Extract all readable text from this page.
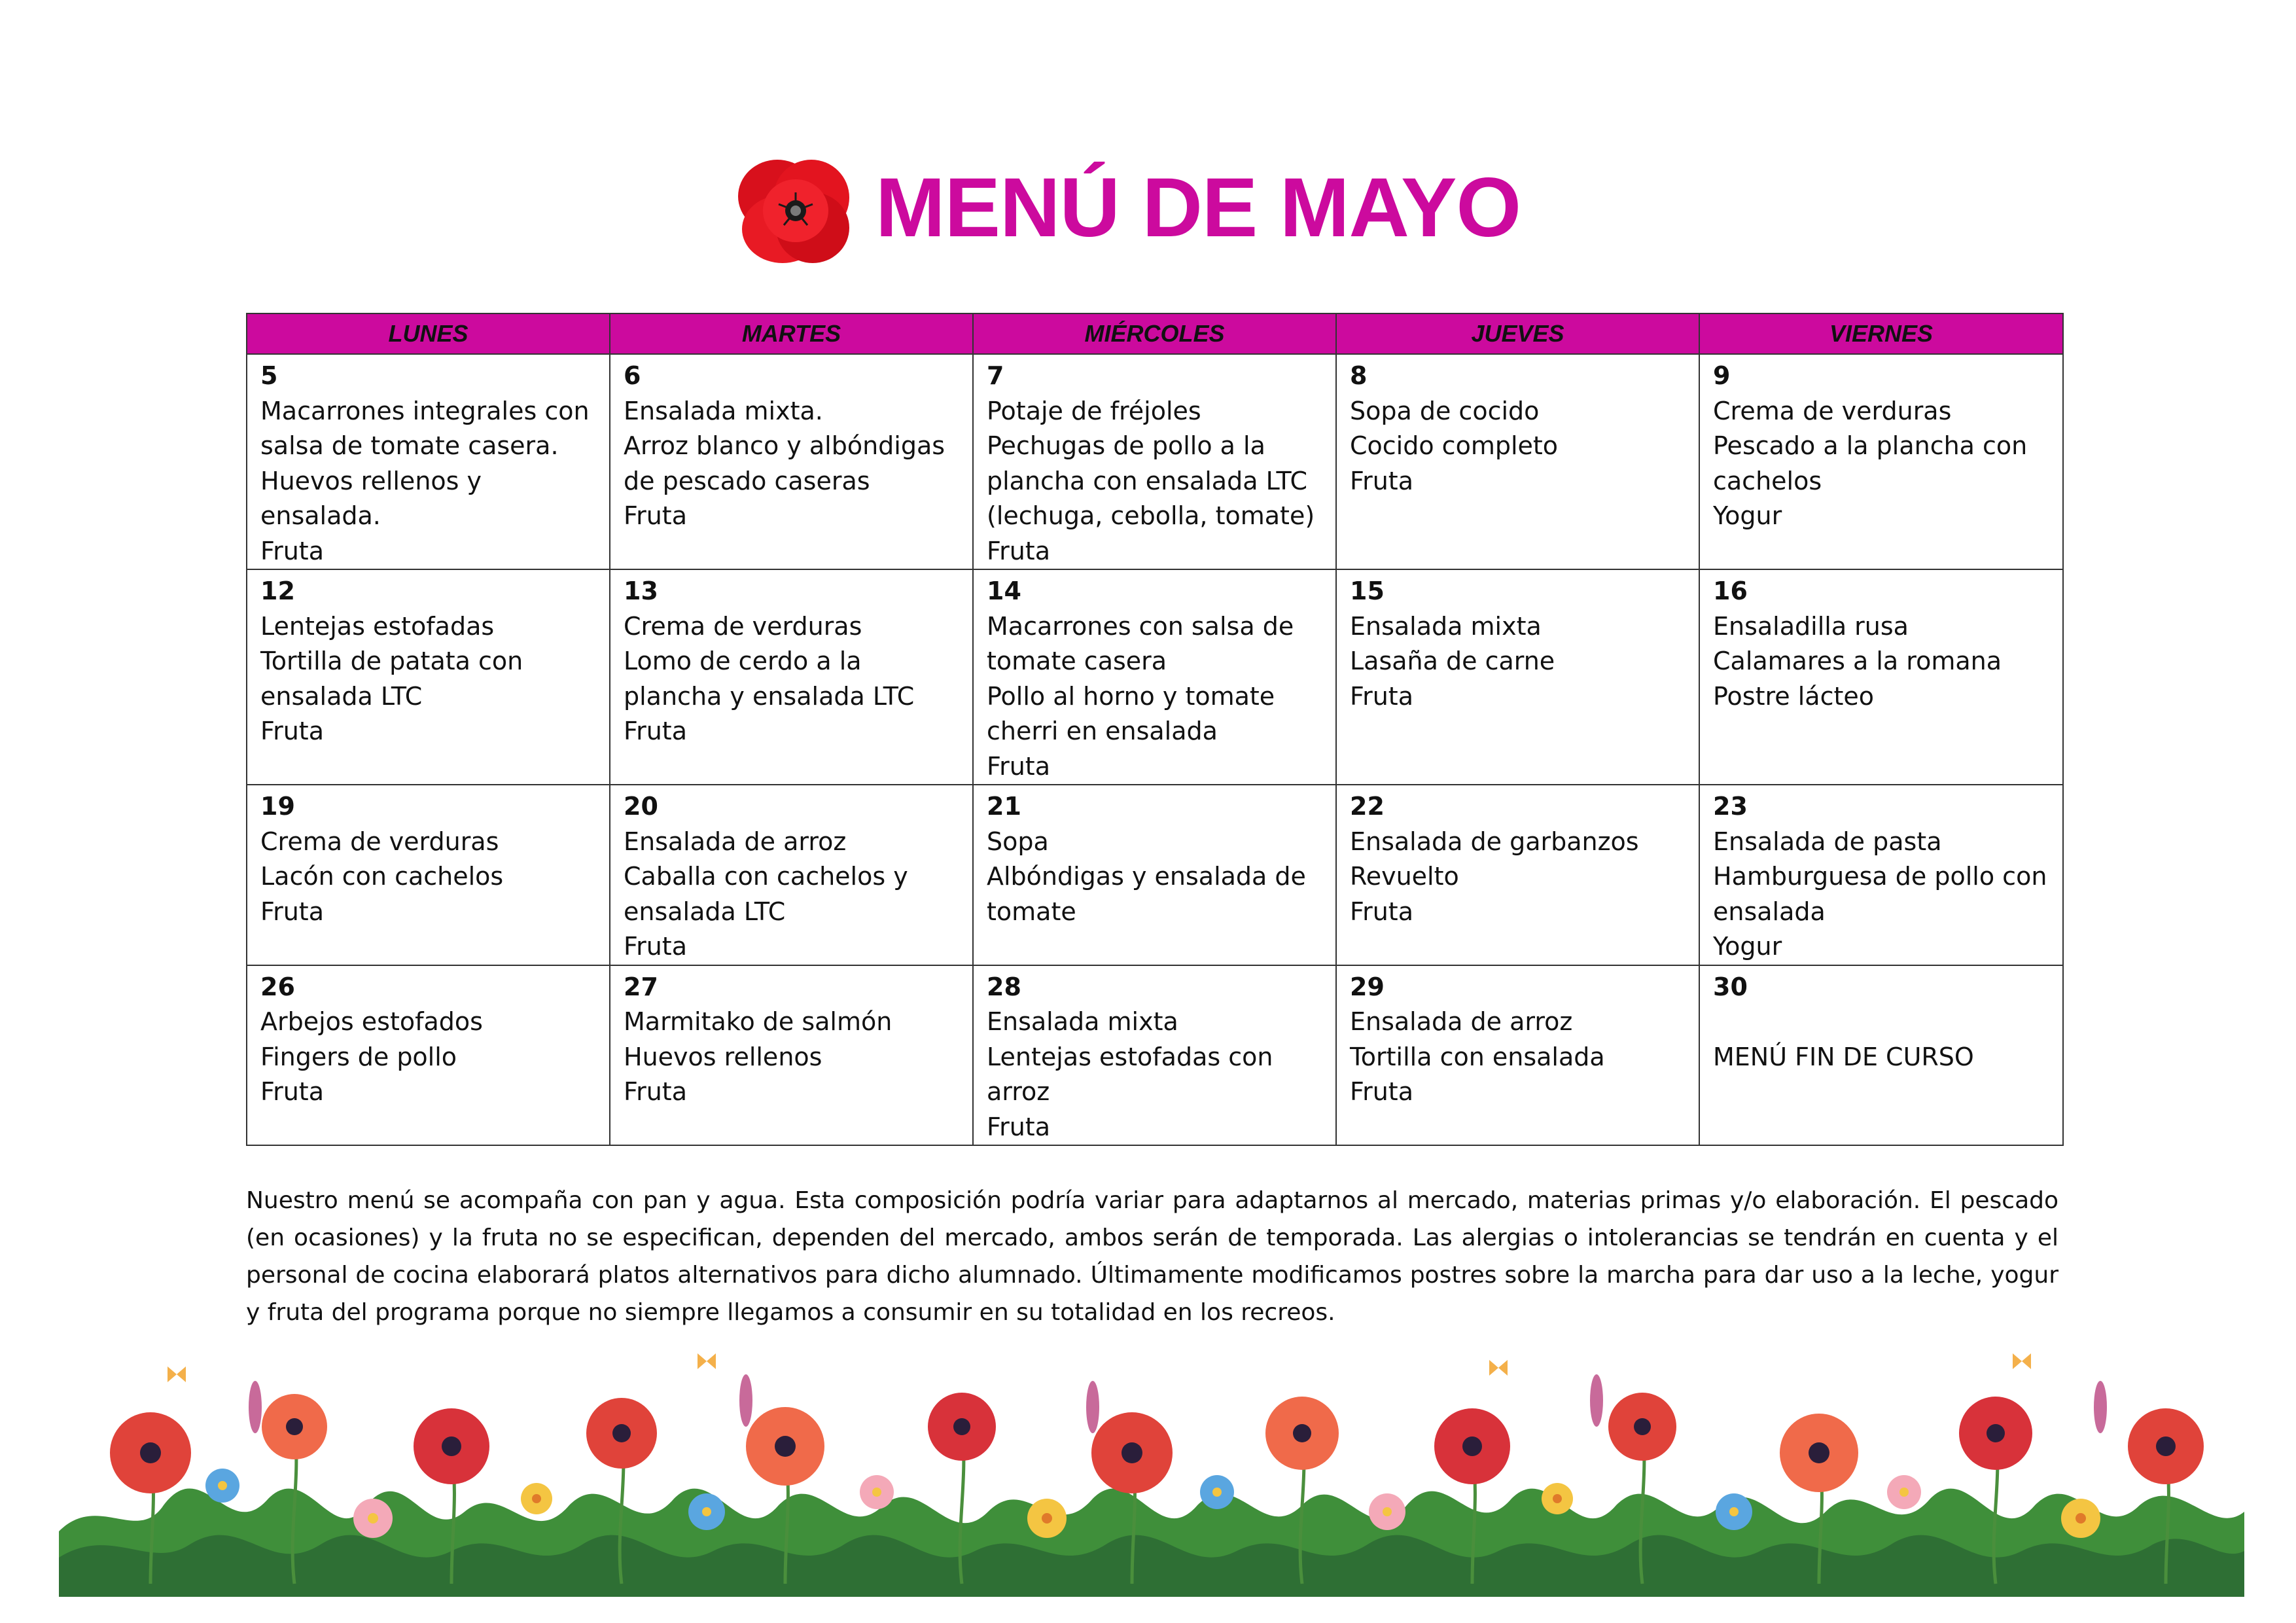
MENÚ DE MAYO
LUNES	MARTES	MIÉRCOLES	JUEVES	VIERNES

5
Macarrones integrales con salsa de tomate casera.
Huevos rellenos y ensalada.
Fruta	6
Ensalada mixta.
Arroz blanco y albóndigas de pescado caseras
Fruta	7
Potaje de fréjoles
Pechugas de pollo a la plancha con ensalada LTC (lechuga, cebolla, tomate)
Fruta	8
Sopa de cocido
Cocido completo
Fruta	9
Crema de verduras
Pescado a la plancha con cachelos
Yogur

12
Lentejas estofadas
Tortilla de patata con ensalada LTC
Fruta	13
Crema de verduras
Lomo de cerdo a la plancha y ensalada LTC
Fruta	14
Macarrones con salsa de tomate casera
Pollo al horno y tomate cherri en ensalada
Fruta	15
Ensalada mixta
Lasaña de carne
Fruta	16
Ensaladilla rusa
Calamares a la romana
Postre lácteo

19
Crema de verduras
Lacón con cachelos
Fruta	20
Ensalada de arroz
Caballa con cachelos y ensalada LTC
Fruta	21
Sopa
Albóndigas y ensalada de tomate	22
Ensalada de garbanzos
Revuelto
Fruta	23
Ensalada de pasta
Hamburguesa de pollo con ensalada
Yogur

26
Arbejos estofados
Fingers de pollo
Fruta	27
Marmitako de salmón
Huevos rellenos
Fruta	28
Ensalada mixta
Lentejas estofadas con arroz
Fruta	29
Ensalada de arroz
Tortilla con ensalada
Fruta	30
MENÚ FIN DE CURSO

Nuestro menú se acompaña con pan y agua. Esta composición podría variar para adaptarnos al mercado, materias primas y/o elaboración. El pescado (en ocasiones) y la fruta no se especifican, dependen del mercado, ambos serán de temporada. Las alergias o intolerancias se tendrán en cuenta y el personal de cocina elaborará platos alternativos para dicho alumnado. Últimamente modificamos postres sobre la marcha para dar uso a la leche, yogur y fruta del programa porque no siempre llegamos a consumir en su totalidad en los recreos.
